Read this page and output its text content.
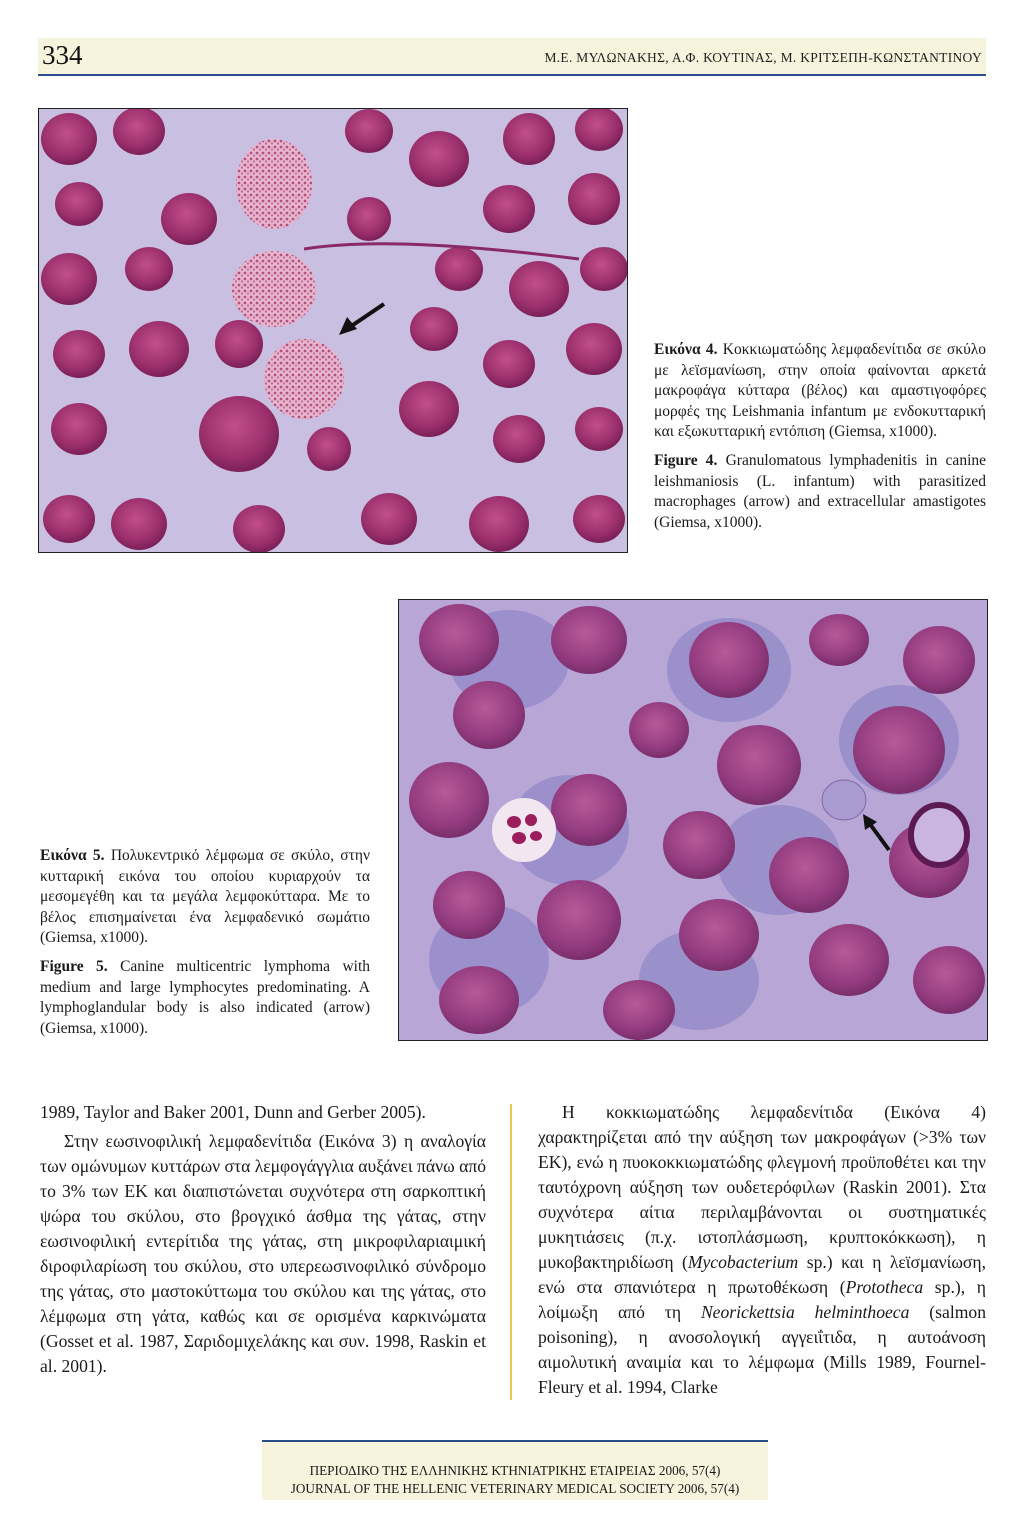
334	Μ.Ε. ΜΥΛΩΝΑΚΗΣ, Α.Φ. ΚΟΥΤΙΝΑΣ, Μ. ΚΡΙΤΣΕΠΗ-ΚΩΝΣΤΑΝΤΙΝΟΥ

Εικόνα 4. Κοκκιωματώδης λεμφαδενίτιδα σε σκύλο με λεϊσμανίωση, στην οποία φαίνονται αρκετά μακροφάγα κύτταρα (βέλος) και αμαστιγοφόρες μορφές της Leishmania infantum με ενδοκυτταρική και εξωκυτταρική εντόπιση (Giemsa, x1000).

Figure 4. Granulomatous lymphadenitis in canine leishmaniosis (L. infantum) with parasitized macrophages (arrow) and extracellular amastigotes (Giemsa, x1000).

Εικόνα 5. Πολυκεντρικό λέμφωμα σε σκύλο, στην κυτταρική εικόνα του οποίου κυριαρχούν τα μεσομεγέθη και τα μεγάλα λεμφοκύτταρα. Με το βέλος επισημαίνεται ένα λεμφαδενικό σωμάτιο (Giemsa, x1000).

Figure 5. Canine multicentric lymphoma with medium and large lymphocytes predominating. A lymphoglandular body is also indicated (arrow) (Giemsa, x1000).

1989, Taylor and Baker 2001, Dunn and Gerber 2005).

Στην εωσινοφιλική λεμφαδενίτιδα (Εικόνα 3) η αναλογία των ομώνυμων κυττάρων στα λεμφογάγγλια αυξάνει πάνω από το 3% των ΕΚ και διαπιστώνεται συχνότερα στη σαρκοπτική ψώρα του σκύλου, στο βρογχικό άσθμα της γάτας, στην εωσινοφιλική εντερίτιδα της γάτας, στη μικροφιλαριαιμική διροφιλαρίωση του σκύλου, στο υπερεωσινοφιλικό σύνδρομο της γάτας, στο μαστοκύττωμα του σκύλου και της γάτας, στο λέμφωμα στη γάτα, καθώς και σε ορισμένα καρκινώματα (Gosset et al. 1987, Σαριδομιχελάκης και συν. 1998, Raskin et al. 2001).

Η κοκκιωματώδης λεμφαδενίτιδα (Εικόνα 4) χαρακτηρίζεται από την αύξηση των μακροφάγων (>3% των ΕΚ), ενώ η πυοκοκκιωματώδης φλεγμονή προϋποθέτει και την ταυτόχρονη αύξηση των ουδετερόφιλων (Raskin 2001). Στα συχνότερα αίτια περιλαμβάνονται οι συστηματικές μυκητιάσεις (π.χ. ιστοπλάσμωση, κρυπτοκόκκωση), η μυκοβακτηριδίωση (Mycobacterium sp.) και η λεϊσμανίωση, ενώ στα σπανιότερα η πρωτοθέκωση (Prototheca sp.), η λοίμωξη από τη Neorickettsia helminthoeca (salmon poisoning), η ανοσολογική αγγειΐτιδα, η αυτοάνοση αιμολυτική αναιμία και το λέμφωμα (Mills 1989, Fournel-Fleury et al. 1994, Clarke

ΠΕΡΙΟΔΙΚΟ ΤΗΣ ΕΛΛΗΝΙΚΗΣ ΚΤΗΝΙΑΤΡΙΚΗΣ ΕΤΑΙΡΕΙΑΣ 2006, 57(4)
JOURNAL OF THE HELLENIC VETERINARY MEDICAL SOCIETY 2006, 57(4)
